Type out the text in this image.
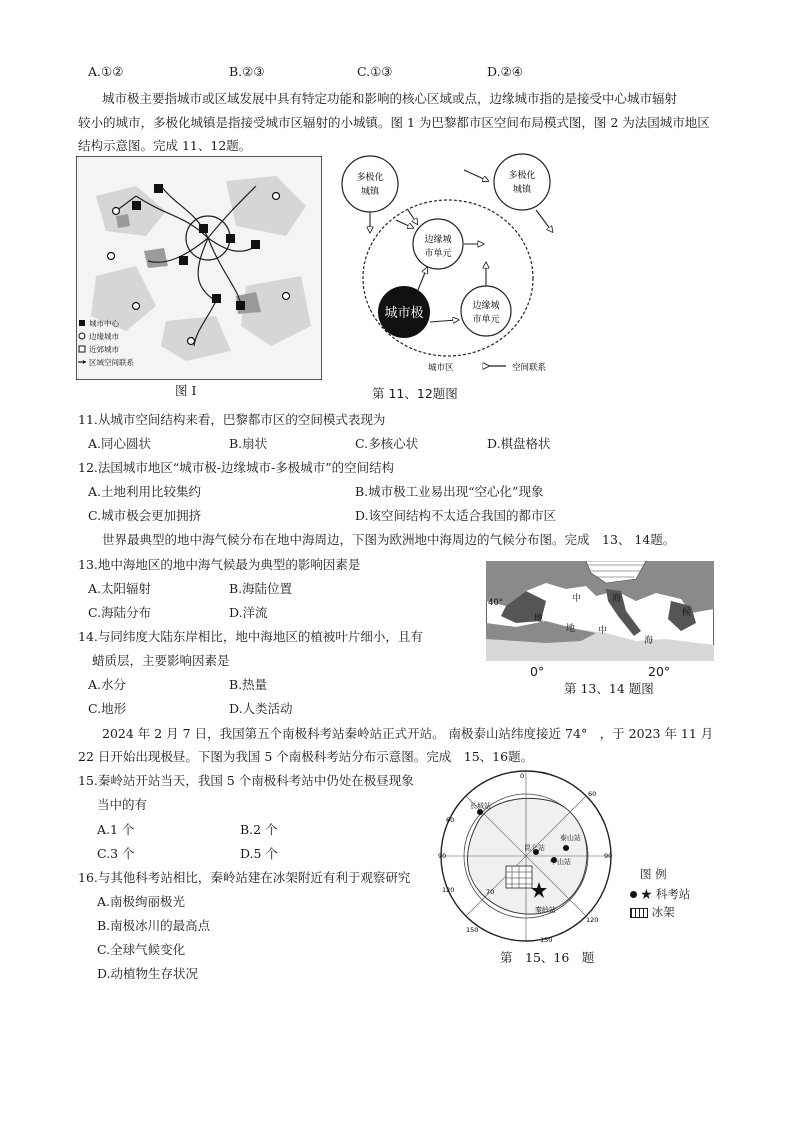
A.①②	B.②③	C.①③	D.②④
城市极主要指城市或区域发展中具有特定功能和影响的核心区域或点，边缘城市指的是接受中心城市辐射
较小的城市，多极化城镇是指接受城市区辐射的小城镇。图 1 为巴黎都市区空间布局模式图，图 2 为法国城市地区
结构示意图。完成 11、12题。
城市中心
边缘城市
近郊城市
区域空间联系
图 I
多极化
城镇
多极化
城镇
边缘城
市单元
边缘城
市单元
城市极
城市区	空间联系
第 11、12题图
11.从城市空间结构来看，巴黎都市区的空间模式表现为
A.同心圆状	B.扇状	C.多核心状	D.棋盘格状
12.法国城市地区“城市极-边缘城市-多极城市”的空间结构
A.土地利用比较集约	B.城市极工业易出现“空心化”现象
C.城市极会更加拥挤	D.该空间结构不太适合我国的都市区
世界最典型的地中海气候分布在地中海周边，下图为欧洲地中海周边的气候分布图。完成　13、 14题。
13.地中海地区的地中海气候最为典型的影响因素是
A.太阳辐射	B.海陆位置
C.海陆分布	D.洋流
14.与同纬度大陆东岸相比，地中海地区的植被叶片细小，且有
蜡质层，主要影响因素是
A.水分	B.热量
C.地形	D.人类活动
40°	中	海
地
地	中
海
候
0°	20°
第 13、14 题图
2024 年 2 月 7 日，我国第五个南极科考站秦岭站正式开站。 南极泰山站纬度接近 74°　，于 2023 年 11 月
22 日开始出现极昼。下图为我国 5 个南极科考站分布示意图。完成　15、16题。
15.秦岭站开站当天，我国 5 个南极科考站中仍处在极昼现象
当中的有
A.1 个	B.2 个
C.3 个	D.5 个
16.与其他科考站相比，秦岭站建在冰架附近有利于观察研究
A.南极绚丽极光
B.南极冰川的最高点
C.全球气候变化
D.动植物生存状况
长城站
泰山站
中山站
昆仑站
秦岭站
0
60
90
120
150
150
120
90
60
70
图 例
★ 科考站
冰架
第　15、16　题
